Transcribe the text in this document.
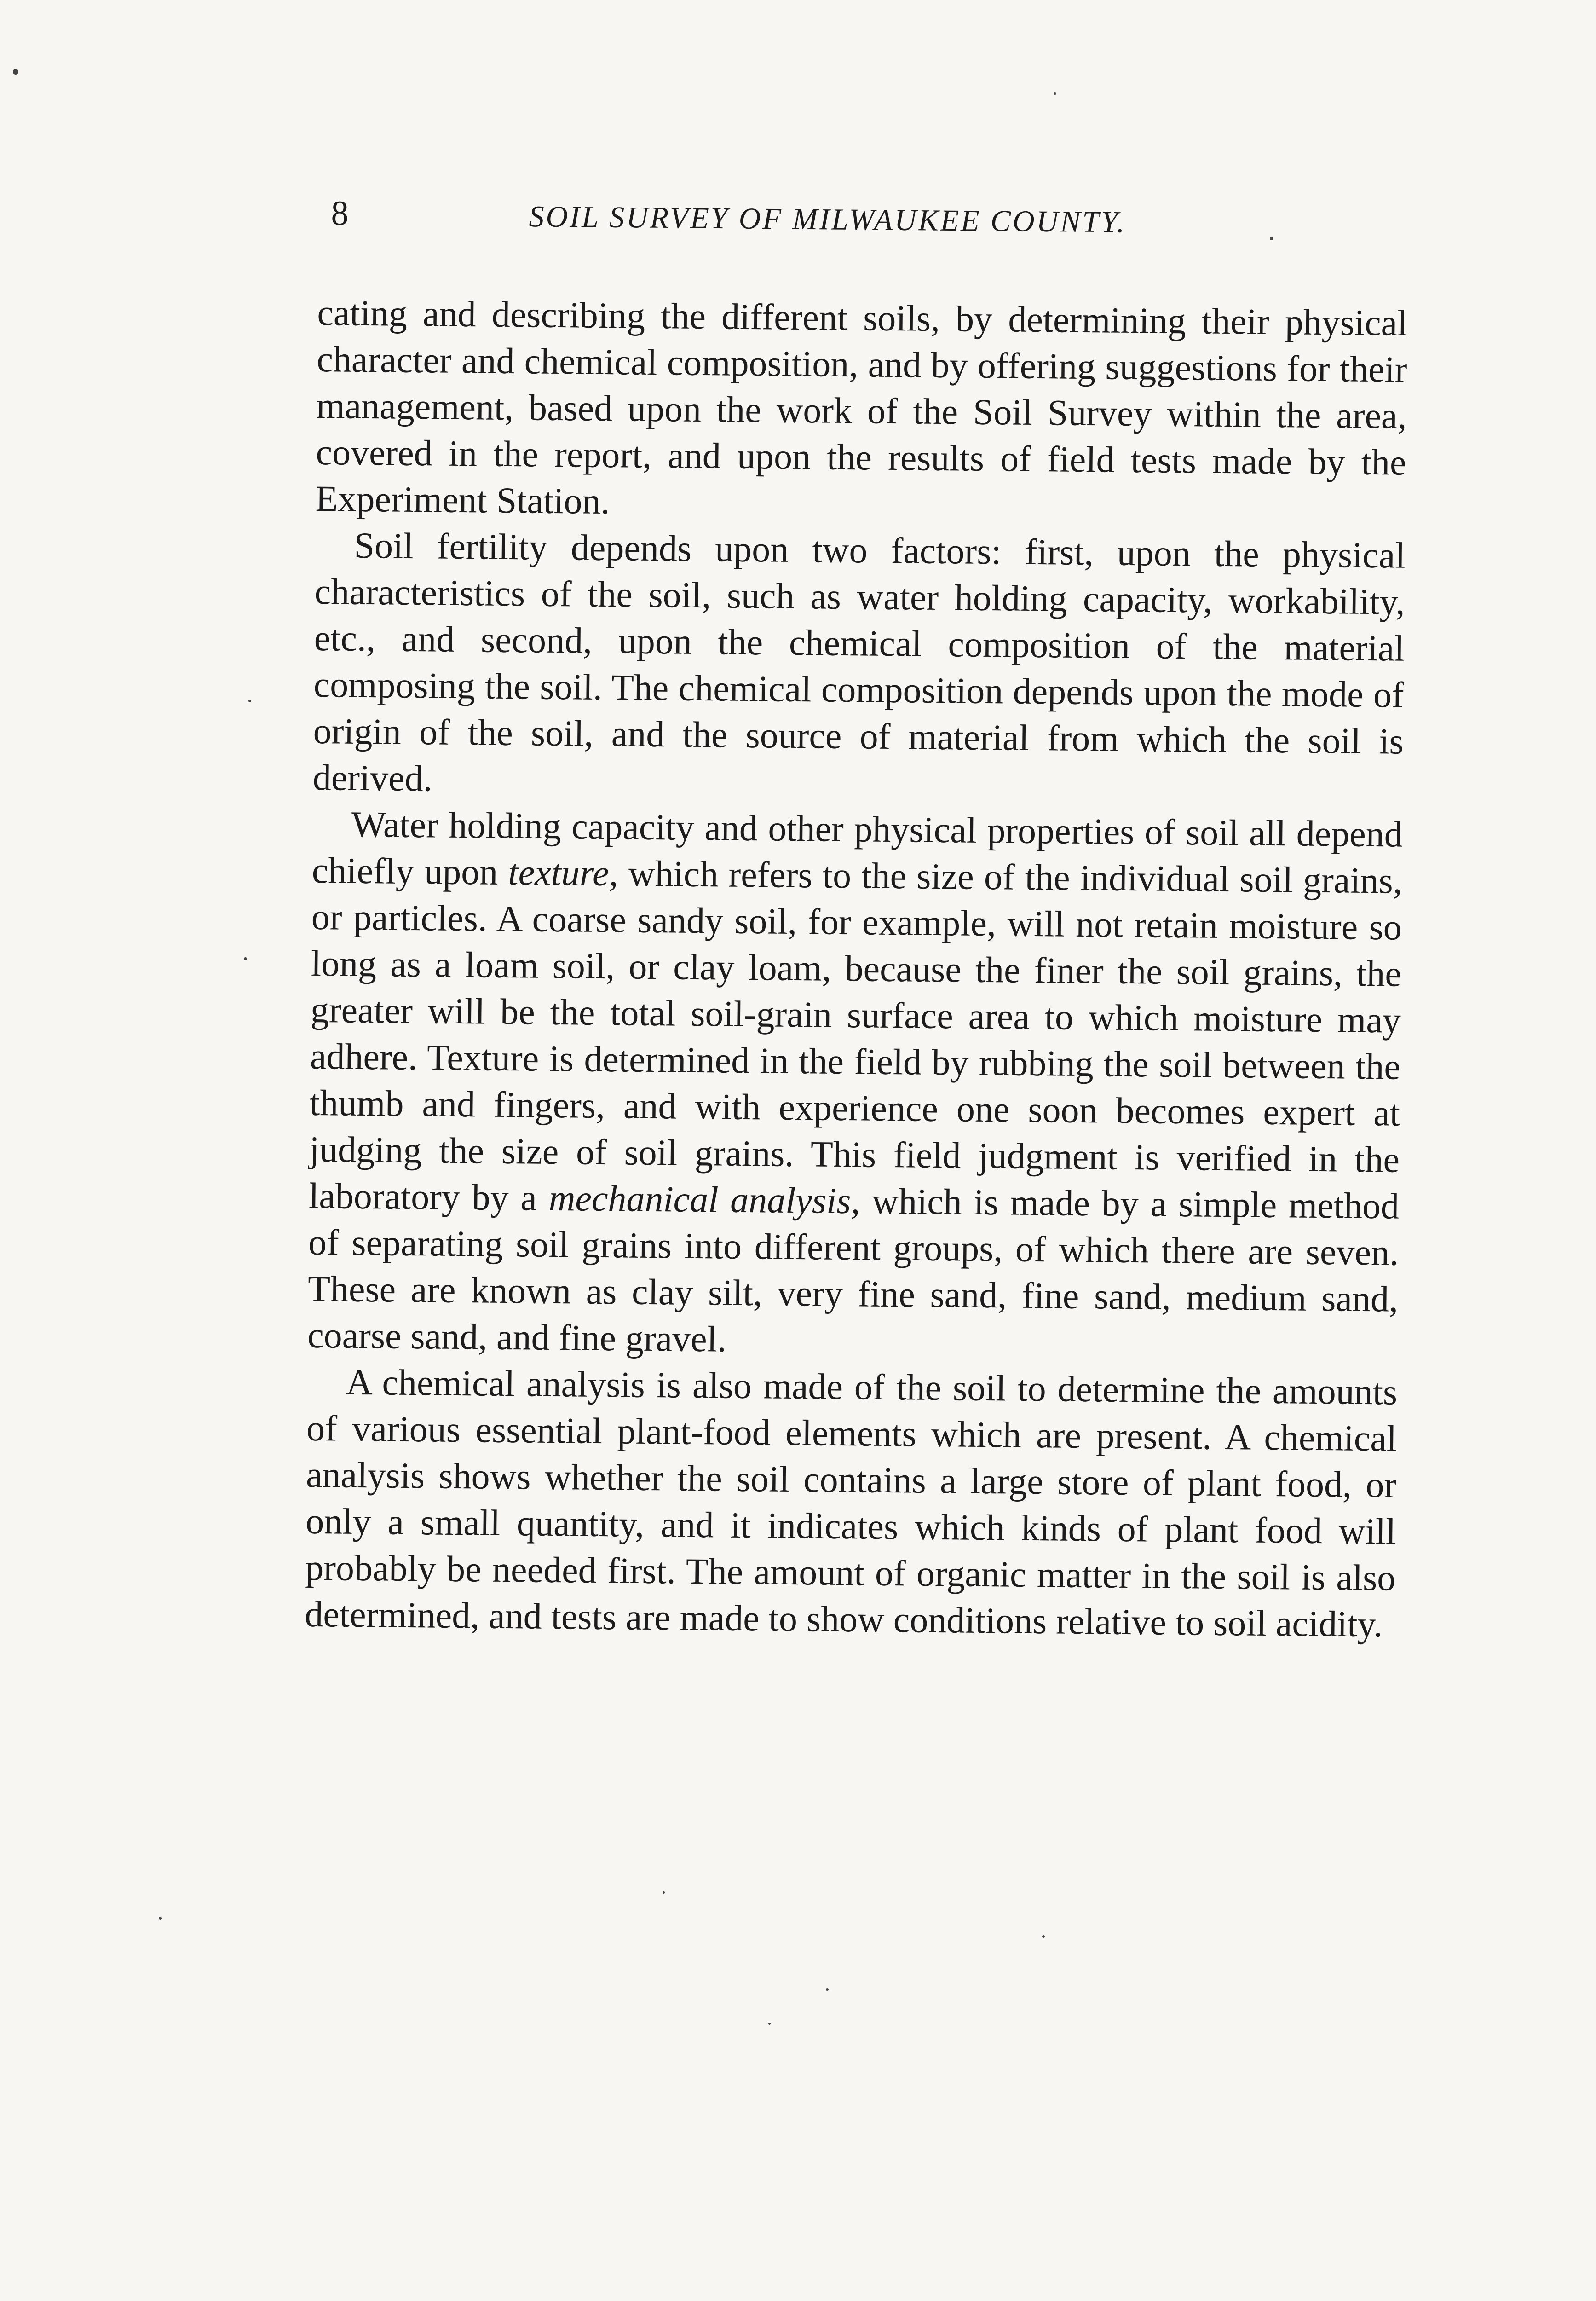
8	SOIL SURVEY OF MILWAUKEE COUNTY.

cating and describing the different soils, by determining their physical character and chemical composition, and by offering suggestions for their management, based upon the work of the Soil Survey within the area, covered in the report, and upon the results of field tests made by the Experiment Station.

Soil fertility depends upon two factors: first, upon the physical characteristics of the soil, such as water holding capacity, workability, etc., and second, upon the chemical composition of the material composing the soil. The chemical composition depends upon the mode of origin of the soil, and the source of material from which the soil is derived.

Water holding capacity and other physical properties of soil all depend chiefly upon texture, which refers to the size of the individual soil grains, or particles. A coarse sandy soil, for example, will not retain moisture so long as a loam soil, or clay loam, because the finer the soil grains, the greater will be the total soil-grain surface area to which moisture may adhere. Texture is determined in the field by rubbing the soil between the thumb and fingers, and with experience one soon becomes expert at judging the size of soil grains. This field judgment is verified in the laboratory by a mechanical analysis, which is made by a simple method of separating soil grains into different groups, of which there are seven. These are known as clay silt, very fine sand, fine sand, medium sand, coarse sand, and fine gravel.

A chemical analysis is also made of the soil to determine the amounts of various essential plant-food elements which are present. A chemical analysis shows whether the soil contains a large store of plant food, or only a small quantity, and it indicates which kinds of plant food will probably be needed first. The amount of organic matter in the soil is also determined, and tests are made to show conditions relative to soil acidity.
